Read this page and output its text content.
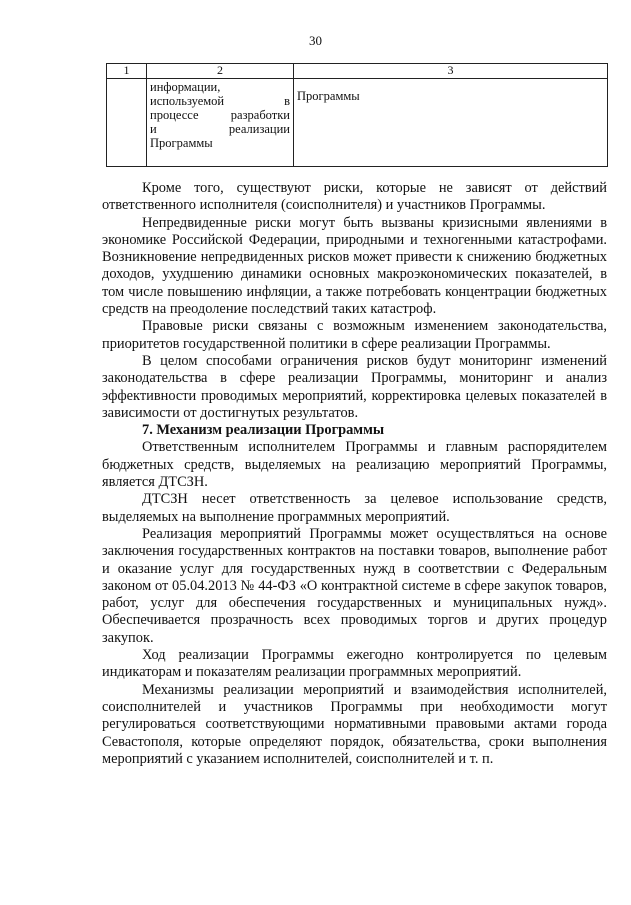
30
1	2	3

	информации,
используемой в
процессе разработки
и реализации
Программы	Программы

Кроме того, существуют риски, которые не зависят от действий ответственного исполнителя (соисполнителя) и участников Программы.

Непредвиденные риски могут быть вызваны кризисными явлениями в экономике Российской Федерации, природными и техногенными катастрофами. Возникновение непредвиденных рисков может привести к снижению бюджетных доходов, ухудшению динамики основных макроэкономических показателей, в том числе повышению инфляции, а также потребовать концентрации бюджетных средств на преодоление последствий таких катастроф.

Правовые риски связаны с возможным изменением законодательства, приоритетов государственной политики в сфере реализации Программы.

В целом способами ограничения рисков будут мониторинг изменений законодательства в сфере реализации Программы, мониторинг и анализ эффективности проводимых мероприятий, корректировка целевых показателей в зависимости от достигнутых результатов.

7. Механизм реализации Программы

Ответственным исполнителем Программы и главным распорядителем бюджетных средств, выделяемых на реализацию мероприятий Программы, является ДТСЗН.

ДТСЗН несет ответственность за целевое использование средств, выделяемых на выполнение программных мероприятий.

Реализация мероприятий Программы может осуществляться на основе заключения государственных контрактов на поставки товаров, выполнение работ и оказание услуг для государственных нужд в соответствии с Федеральным законом от 05.04.2013 № 44-ФЗ «О контрактной системе в сфере закупок товаров, работ, услуг для обеспечения государственных и муниципальных нужд». Обеспечивается прозрачность всех проводимых торгов и других процедур закупок.

Ход реализации Программы ежегодно контролируется по целевым индикаторам и показателям реализации программных мероприятий.

Механизмы реализации мероприятий и взаимодействия исполнителей, соисполнителей и участников Программы при необходимости могут регулироваться соответствующими нормативными правовыми актами города Севастополя, которые определяют порядок, обязательства, сроки выполнения мероприятий с указанием исполнителей, соисполнителей и т. п.
